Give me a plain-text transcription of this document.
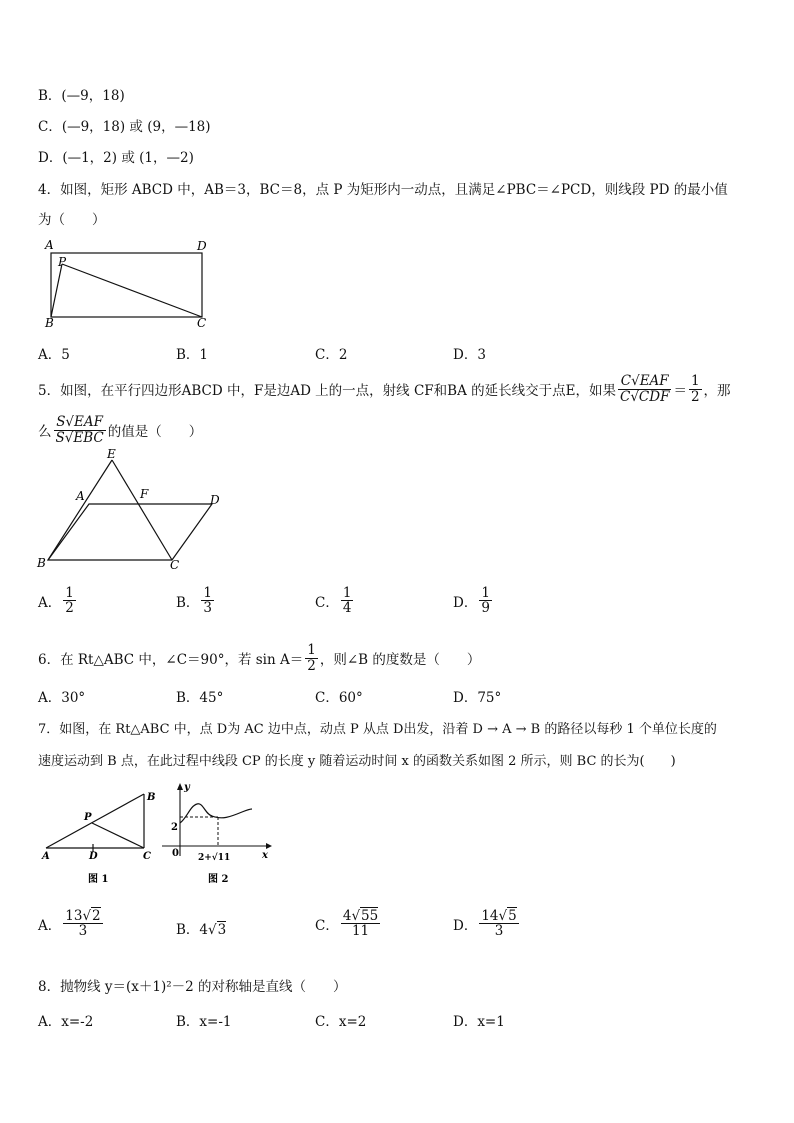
B．(—9，18)
C．(—9，18) 或 (9，—18)
D．(—1，2) 或 (1，—2)
4．如图，矩形 ABCD 中，AB＝3，BC＝8，点 P 为矩形内一动点，且满足∠PBC＝∠PCD，则线段 PD 的最小值
为（　　）
A	D
P
B	C
A．5	B．1	C．2	D．3
5．如图，在平行四边形ABCD 中，F是边AD 上的一点，射线 CF和BA 的延长线交于点E，如果 $\frac{\text{C√EAF}}{\text{C√CDF}} = \frac{1}{2}$ ，那
么 $\frac{\text{S√EAF}}{\text{S√EBC}}$ 的值是（　　）
E
A	F	D
B	C
A． $\frac{1}{2}$	B． $\frac{1}{3}$	C． $\frac{1}{4}$	D． $\frac{1}{9}$
6．在 Rt△ABC 中，∠C＝90°，若 $\sin A= \frac{1}{2}$ ，则∠B 的度数是（　　）
A．30°	B．45°	C．60°	D．75°
7．如图，在 Rt△ABC 中，点 D为 AC 边中点，动点 P 从点 D出发，沿着 D → A → B 的路径以每秒 1 个单位长度的
速度运动到 B 点，在此过程中线段 CP 的长度 y 随着运动时间 x 的函数关系如图 2 所示，则 BC 的长为(　　)
B
P
A	D	C
图 1
y
2
0 2+√11	x
图 2
A． $\frac{13√2}{3}$	B．4√3	C． $\frac{4√55}{11}$	D． $\frac{14√5}{3}$
8．抛物线 y＝(x＋1)²－2 的对称轴是直线（　　）
A．x=-2	B．x=-1	C．x=2	D．x=1
